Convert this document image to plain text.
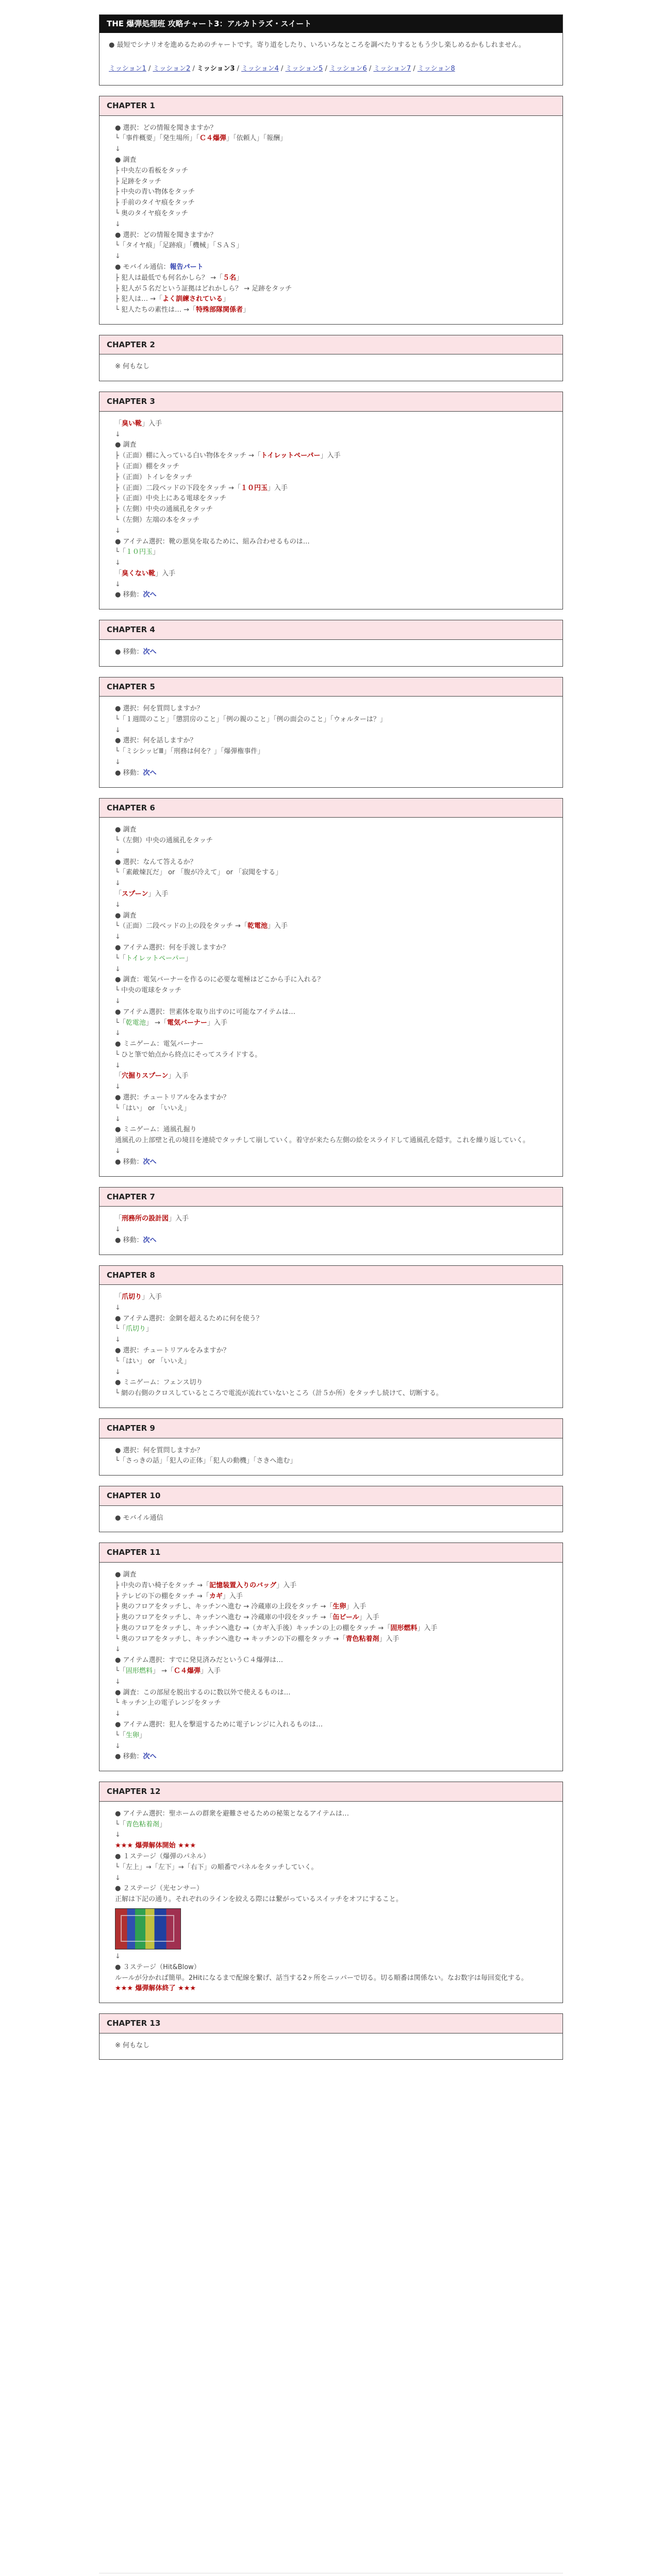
THE 爆弾処理班 攻略チャート3：アルカトラズ・スイート

● 最短でシナリオを進めるためのチャートです。寄り道をしたり、いろいろなところを調べたりするともう少し楽しめるかもしれません。

ミッション1 / ミッション2 / ミッション3 / ミッション4 / ミッション5 / ミッション6 / ミッション7 / ミッション8
CHAPTER 1
● 選択：どの情報を聞きますか？
└「事件概要」「発生場所」「Ｃ４爆弾」「依頼人」「報酬」
↓
● 調査
├ 中央左の看板をタッチ
├ 足跡をタッチ
├ 中央の青い物体をタッチ
├ 手前のタイヤ痕をタッチ
└ 奥のタイヤ痕をタッチ
↓
● 選択：どの情報を聞きますか？
└「タイヤ痕」「足跡痕」「機械」「ＳＡＳ」
↓
● モバイル通信：報告パート
├ 犯人は最低でも何名かしら？ →「５名」
├ 犯人が５名だという証拠はどれかしら？ → 足跡をタッチ
├ 犯人は… →「よく訓練されている」
└ 犯人たちの素性は… →「特殊部隊関係者」
CHAPTER 2
※ 何もなし
CHAPTER 3
「臭い靴」入手
↓
● 調査
├（正面）棚に入っている白い物体をタッチ →「トイレットペーパー」入手
├（正面）棚をタッチ
├（正面）トイレをタッチ
├（正面）二段ベッドの下段をタッチ →「１０円玉」入手
├（正面）中央上にある電球をタッチ
├（左側）中央の通風孔をタッチ
└（左側）左端の本をタッチ
↓
● アイテム選択：靴の悪臭を取るために、組み合わせるものは…
└「１０円玉」
↓
「臭くない靴」入手
↓
● 移動：次へ
CHAPTER 4
● 移動：次へ
CHAPTER 5
● 選択：何を質問しますか？
└「１週間のこと」「懲罰房のこと」「例の親のこと」「例の面会のこと」「ウォルターは？」
↓
● 選択：何を話しますか？
└「ミシシッピⅢ」「刑務は何を？」「爆弾権事件」
↓
● 移動：次へ
CHAPTER 6
● 調査
└（左側）中央の通風孔をタッチ
↓
● 選択：なんて答えるか？
└「素敵煉瓦だ」 or 「腹が冷えて」 or 「寂聞をする」
↓
「スプーン」入手
↓
● 調査
└（正面）二段ベッドの上の段をタッチ →「乾電池」入手
↓
● アイテム選択：何を手渡しますか？
└「トイレットペーパー」
↓
● 調査：電気バーナーを作るのに必要な電極はどこから手に入れる？
└ 中央の電球をタッチ
↓
● アイテム選択：世素体を取り出すのに可能なアイテムは…
└「乾電池」 →「電気バーナー」入手
↓
● ミニゲーム：電気バーナー
└ ひと筆で始点から終点にそってスライドする。
↓
「穴掘りスプーン」入手
↓
● 選択：チュートリアルをみますか？
└「はい」 or 「いいえ」
↓
● ミニゲーム：通風孔掘り
通風孔の上部壁と孔の境目を連続でタッチして崩していく。着守が来たら左側の絵をスライドして通風孔を隠す。これを繰り返していく。
↓
● 移動：次へ
CHAPTER 7
「刑務所の設計図」入手
↓
● 移動：次へ
CHAPTER 8
「爪切り」入手
↓
● アイテム選択：金網を超えるために何を使う？
└「爪切り」
↓
● 選択：チュートリアルをみますか？
└「はい」 or 「いいえ」
↓
● ミニゲーム：フェンス切り
└ 網の右側のクロスしているところで電流が流れていないところ（計５か所）をタッチし続けて、切断する。
CHAPTER 9
● 選択：何を質問しますか？
└「さっきの話」「犯人の正体」「犯人の動機」「さきへ進む」
CHAPTER 10
● モバイル通信
CHAPTER 11
● 調査
├ 中央の青い椅子をタッチ →「記憶装置入りのバッグ」入手
├ テレビの下の棚をタッチ →「カギ」入手
├ 奥のフロアをタッチし、キッチンへ進む → 冷蔵庫の上段をタッチ →「生卵」入手
├ 奥のフロアをタッチし、キッチンへ進む → 冷蔵庫の中段をタッチ →「缶ビール」入手
├ 奥のフロアをタッチし、キッチンへ進む →（カギ入手後）キッチンの上の棚をタッチ →「固形燃料」入手
└ 奥のフロアをタッチし、キッチンへ進む → キッチンの下の棚をタッチ →「青色粘着剤」入手
↓
● アイテム選択：すでに発見済みだというＣ４爆弾は…
└「固形燃料」 →「Ｃ４爆弾」入手
↓
● 調査：この部屋を脱出するのに数以外で使えるものは…
└ キッチン上の電子レンジをタッチ
↓
● アイテム選択：犯人を撃退するために電子レンジに入れるものは…
└「生卵」
↓
● 移動：次へ
CHAPTER 12
● アイテム選択：聖ホームの群衆を避難させるための秘策となるアイテムは…
└「青色粘着剤」
↓
★★★ 爆弾解体開始 ★★★
● １ステージ（爆弾のパネル）
└「左上」→「左下」→「右下」の順番でパネルをタッチしていく。
↓
● ２ステージ（光センサー）
正解は下記の通り。それぞれのラインを絞える際には繋がっているスイッチをオフにすること。
↓
● ３ステージ（Hit&Blow）
ルールが分かれば簡単。2Hitになるまで配線を繋げ、話当する2ヶ所をニッパーで切る。切る順番は関係ない。なお数字は毎回変化する。
★★★ 爆弾解体終了 ★★★
CHAPTER 13
※ 何もなし
